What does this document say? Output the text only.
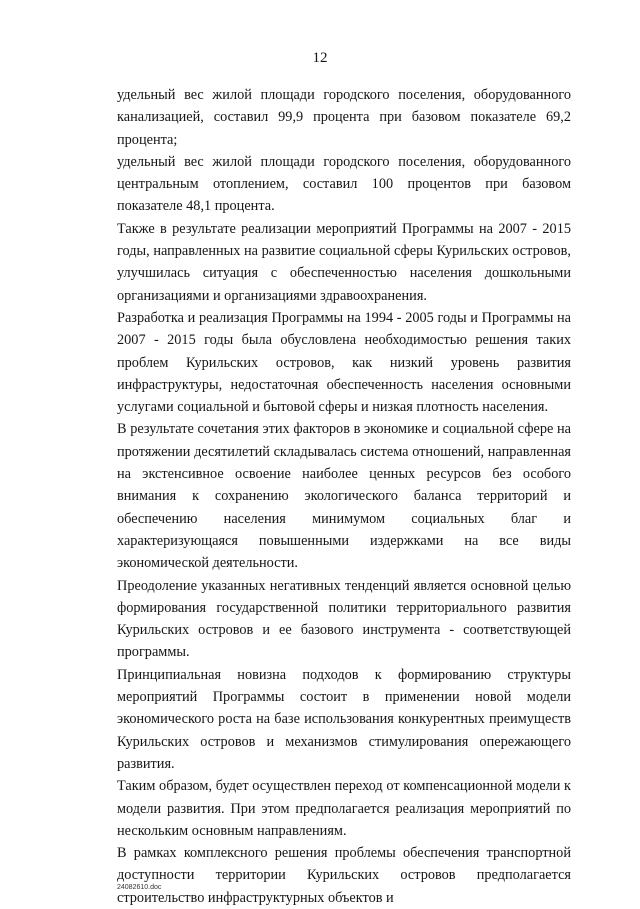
12

удельный вес жилой площади городского поселения, оборудованного канализацией, составил 99,9 процента при базовом показателе 69,2 процента;

удельный вес жилой площади городского поселения, оборудованного центральным отоплением, составил 100 процентов при базовом показателе 48,1 процента.

Также в результате реализации мероприятий Программы на 2007 - 2015 годы, направленных на развитие социальной сферы Курильских островов, улучшилась ситуация с обеспеченностью населения дошкольными организациями и организациями здравоохранения.

Разработка и реализация Программы на 1994 - 2005 годы и Программы на 2007 - 2015 годы была обусловлена необходимостью решения таких проблем Курильских островов, как низкий уровень развития инфраструктуры, недостаточная обеспеченность населения основными услугами социальной и бытовой сферы и низкая плотность населения.

В результате сочетания этих факторов в экономике и социальной сфере на протяжении десятилетий складывалась система отношений, направленная на экстенсивное освоение наиболее ценных ресурсов без особого внимания к сохранению экологического баланса территорий и обеспечению населения минимумом социальных благ и характеризующаяся повышенными издержками на все виды экономической деятельности.

Преодоление указанных негативных тенденций является основной целью формирования государственной политики территориального развития Курильских островов и ее базового инструмента - соответствующей программы.

Принципиальная новизна подходов к формированию структуры мероприятий Программы состоит в применении новой модели экономического роста на базе использования конкурентных преимуществ Курильских островов и механизмов стимулирования опережающего развития.

Таким образом, будет осуществлен переход от компенсационной модели к модели развития. При этом предполагается реализация мероприятий по нескольким основным направлениям.

В рамках комплексного решения проблемы обеспечения транспортной доступности территории Курильских островов предполагается строительство инфраструктурных объектов и

24082610.doc
